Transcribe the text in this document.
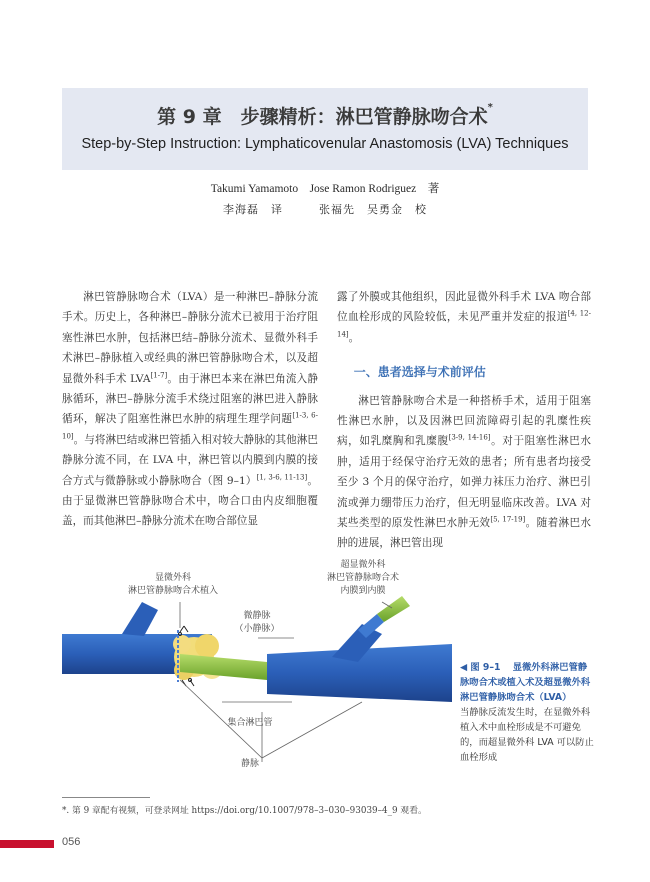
第 9 章　步骤精析：淋巴管静脉吻合术*
Step-by-Step Instruction: Lymphaticovenular Anastomosis (LVA) Techniques
Takumi Yamamoto　Jose Ramon Rodriguez　著
李海磊　译　　　张福先　吴勇金　校

淋巴管静脉吻合术（LVA）是一种淋巴–静脉分流手术。历史上，各种淋巴–静脉分流术已被用于治疗阻塞性淋巴水肿，包括淋巴结–静脉分流术、显微外科手术淋巴–静脉植入或经典的淋巴管静脉吻合术，以及超显微外科手术 LVA[1-7]。由于淋巴本来在淋巴角流入静脉循环，淋巴–静脉分流手术绕过阻塞的淋巴进入静脉循环，解决了阻塞性淋巴水肿的病理生理学问题[1-3, 6-10]。与将淋巴结或淋巴管插入相对较大静脉的其他淋巴静脉分流不同，在 LVA 中，淋巴管以内膜到内膜的接合方式与微静脉或小静脉吻合（图 9–1）[1, 3-6, 11-13]。由于显微淋巴管静脉吻合术中，吻合口由内皮细胞覆盖，而其他淋巴–静脉分流术在吻合部位显

露了外膜或其他组织，因此显微外科手术 LVA 吻合部位血栓形成的风险较低，未见严重并发症的报道[4, 12-14]。

一、患者选择与术前评估

淋巴管静脉吻合术是一种搭桥手术，适用于阻塞性淋巴水肿，以及因淋巴回流障碍引起的乳糜性疾病，如乳糜胸和乳糜腹[3-9, 14-16]。对于阻塞性淋巴水肿，适用于经保守治疗无效的患者；所有患者均接受至少 3 个月的保守治疗，如弹力袜压力治疗、淋巴引流或弹力绷带压力治疗，但无明显临床改善。LVA 对某些类型的原发性淋巴水肿无效[5, 17-19]。随着淋巴水肿的进展，淋巴管出现

显微外科
淋巴管静脉吻合术植入
超显微外科
淋巴管静脉吻合术
内膜到内膜
微静脉
（小静脉）
集合淋巴管
静脉
◀ 图 9–1　 显微外科淋巴管静脉吻合术或植入术及超显微外科淋巴管静脉吻合术（LVA）
当静脉反流发生时，在显微外科植入术中血栓形成是不可避免的，而超显微外科 LVA 可以防止血栓形成
*. 第 9 章配有视频，可登录网址 https://doi.org/10.1007/978–3–030–93039–4_9 观看。
056
